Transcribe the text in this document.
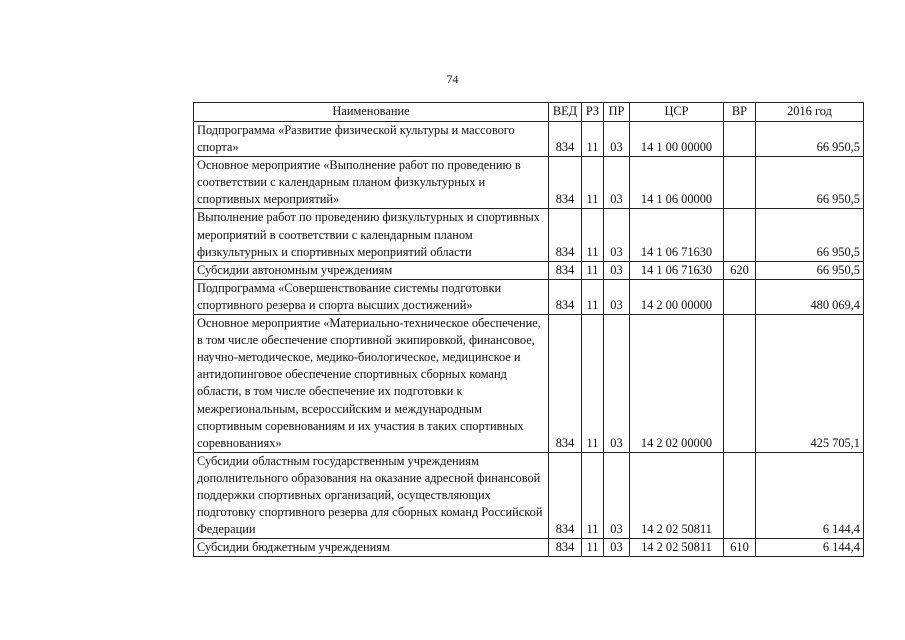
74
Наименование	ВЕД	РЗ	ПР	ЦСР	ВР	2016 год
Подпрограмма «Развитие физической культуры и массового спорта»	834	11	03	14 1 00 00000		66 950,5
Основное мероприятие «Выполнение работ по проведению в соответствии с календарным планом физкультурных и спортивных мероприятий»	834	11	03	14 1 06 00000		66 950,5
Выполнение работ по проведению физкультурных и спортивных мероприятий в соответствии с календарным планом физкультурных и спортивных мероприятий области	834	11	03	14 1 06 71630		66 950,5
Субсидии автономным учреждениям	834	11	03	14 1 06 71630	620	66 950,5
Подпрограмма «Совершенствование системы подготовки спортивного резерва и спорта высших достижений»	834	11	03	14 2 00 00000		480 069,4
Основное мероприятие «Материально-техническое обеспечение, в том числе обеспечение спортивной экипировкой, финансовое, научно-методическое, медико-биологическое, медицинское и антидопинговое обеспечение спортивных сборных команд области, в том числе обеспечение их подготовки к межрегиональным, всероссийским и международным спортивным соревнованиям и их участия в таких спортивных соревнованиях»	834	11	03	14 2 02 00000		425 705,1
Субсидии областным государственным учреждениям дополнительного образования на оказание адресной финансовой поддержки спортивных организаций, осуществляющих подготовку спортивного резерва для сборных команд Российской Федерации	834	11	03	14 2 02 50811		6 144,4
Субсидии бюджетным учреждениям	834	11	03	14 2 02 50811	610	6 144,4
